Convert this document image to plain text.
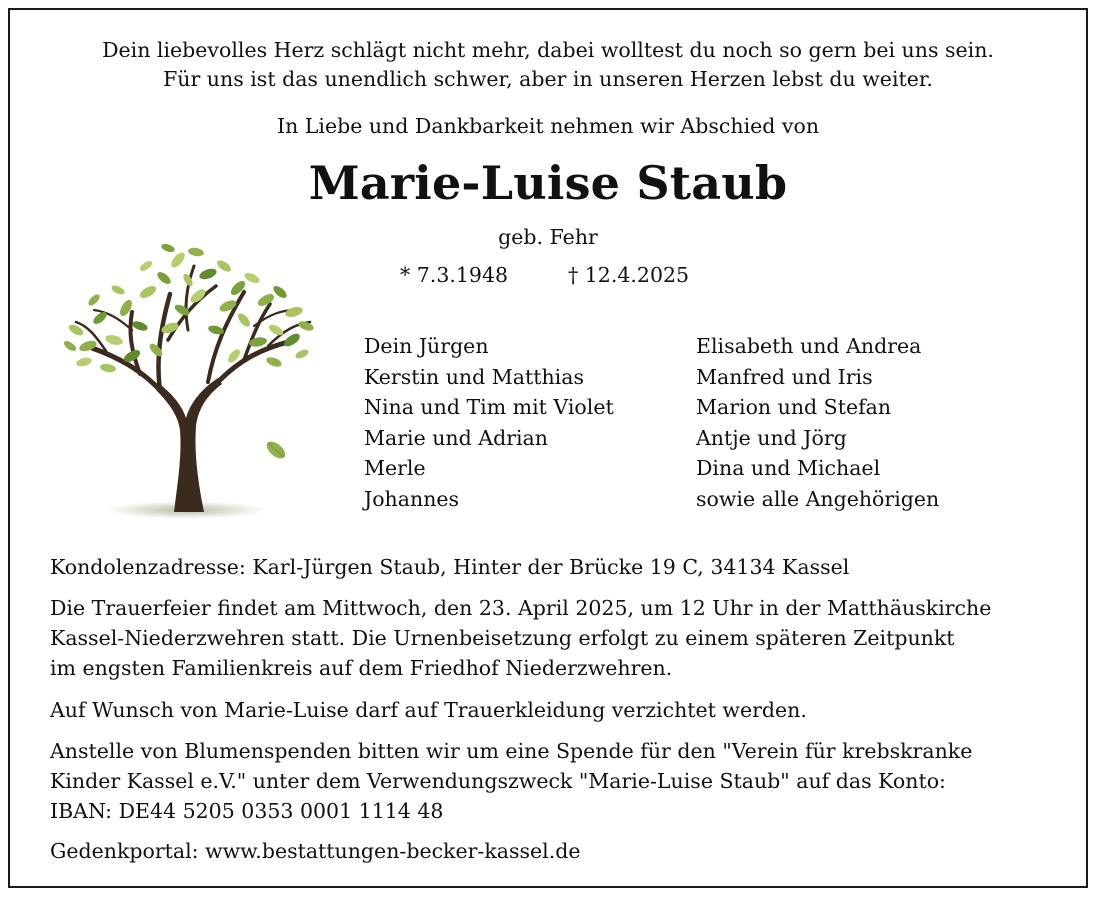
Dein liebevolles Herz schlägt nicht mehr, dabei wolltest du noch so gern bei uns sein.
Für uns ist das unendlich schwer, aber in unseren Herzen lebst du weiter.
In Liebe und Dankbarkeit nehmen wir Abschied von
Marie-Luise Staub
geb. Fehr
* 7.3.1948	† 12.4.2025
Dein Jürgen
Kerstin und Matthias
Nina und Tim mit Violet
Marie und Adrian
Merle
Johannes
Elisabeth und Andrea
Manfred und Iris
Marion und Stefan
Antje und Jörg
Dina und Michael
sowie alle Angehörigen
Kondolenzadresse: Karl-Jürgen Staub, Hinter der Brücke 19 C, 34134 Kassel
Die Trauerfeier findet am Mittwoch, den 23. April 2025, um 12 Uhr in der Matthäuskirche
Kassel-Niederzwehren statt. Die Urnenbeisetzung erfolgt zu einem späteren Zeitpunkt
im engsten Familienkreis auf dem Friedhof Niederzwehren.
Auf Wunsch von Marie-Luise darf auf Trauerkleidung verzichtet werden.
Anstelle von Blumenspenden bitten wir um eine Spende für den "Verein für krebskranke
Kinder Kassel e.V." unter dem Verwendungszweck "Marie-Luise Staub" auf das Konto:
IBAN: DE44 5205 0353 0001 1114 48
Gedenkportal: www.bestattungen-becker-kassel.de
